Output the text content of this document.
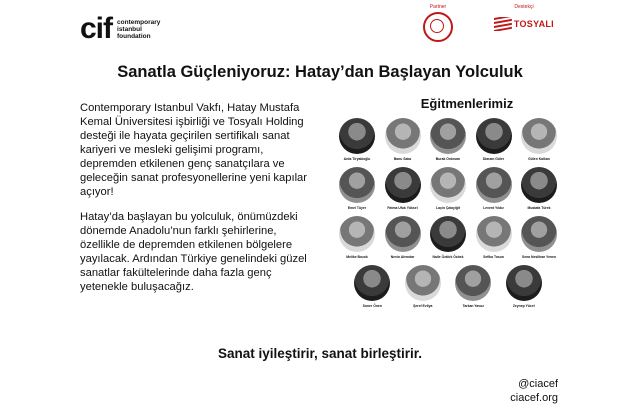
cif contemporary
istanbul
foundation
Partner	Destekçi
TOSYALI
Sanatla Güçleniyoruz: Hatay’dan Başlayan Yolculuk

Contemporary Istanbul Vakfı, Hatay Mustafa Kemal Üniversitesi işbirliği ve Tosyalı Holding desteği ile hayata geçirilen sertifikalı sanat kariyeri ve mesleki gelişimi programı, depremden etkilenen genç sanatçılara ve geleceğin sanat profesyonellerine yeni kapılar açıyor!

Hatay’da başlayan bu yolculuk, önümüzdeki dönemde Anadolu’nun farklı şehirlerine, özellikle de depremden etkilenen bölgelere yayılacak. Ardından Türkiye genelindeki güzel sanatlar fakültelerinde daha fazla genç yetenekle buluşacağız.

Eğitmenlerimiz
Arda Tiryakioğlu	Banu Saka	Burak Ordovan	Diaram Güler	Gülen Kalkan
Emel Tüyer	Fatma Ufuk Yüksel	Laçin Çalayiğit	Levent Yıldız	Mustafa Türek
Melike Bozok	Nevin Alemdar	Naile Öztürk Özbek	Sefika Tosun	Sena Neslihan Yenen
Soner Önen	Şeref Evliya	Tarkan Yavuz	Zeynep Yücel
Sanat iyileştirir, sanat birleştirir.
@ciacef
ciacef.org
